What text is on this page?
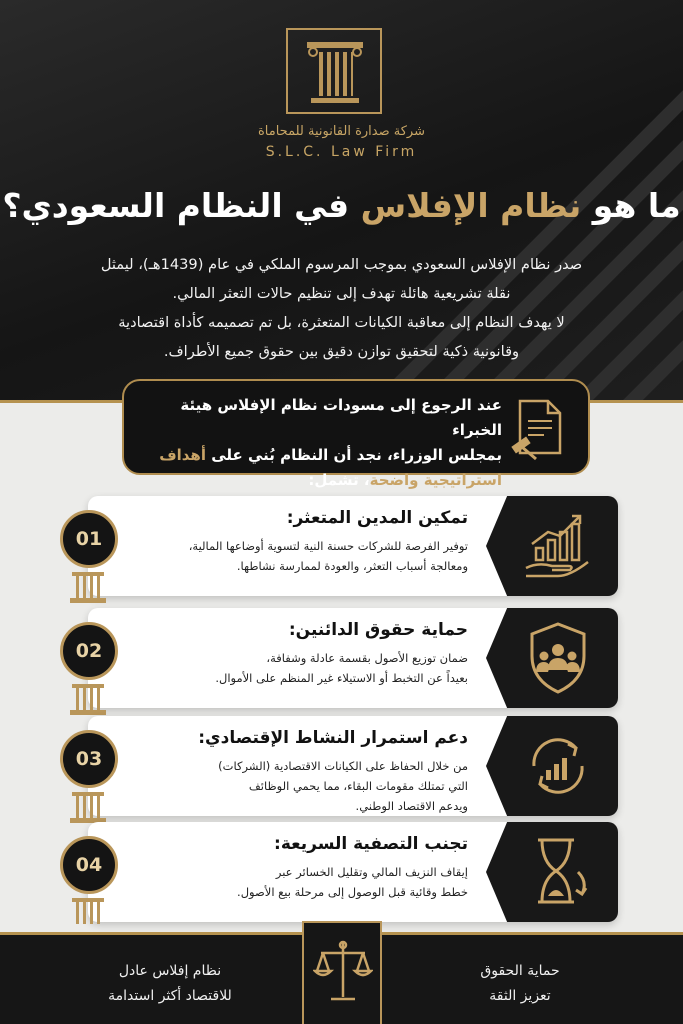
شركة صدارة القانونية للمحاماة
S.L.C. Law Firm
ما هو نظام الإفلاس في النظام السعودي؟
صدر نظام الإفلاس السعودي بموجب المرسوم الملكي في عام (1439هـ)، ليمثل
نقلة تشريعية هائلة تهدف إلى تنظيم حالات التعثر المالي.
لا يهدف النظام إلى معاقبة الكيانات المتعثرة، بل تم تصميمه كأداة اقتصادية
وقانونية ذكية لتحقيق توازن دقيق بين حقوق جميع الأطراف.
عند الرجوع إلى مسودات نظام الإفلاس هيئة الخبراء
بمجلس الوزراء، نجد أن النظام بُني على أهداف
استراتيجية واضحة، تشمل:
تمكين المدين المتعثر:
توفير الفرصة للشركات حسنة النية لتسوية أوضاعها المالية،
ومعالجة أسباب التعثر، والعودة لممارسة نشاطها.
01
حماية حقوق الدائنين:
ضمان توزيع الأصول بقسمة عادلة وشفافة،
بعيداً عن التخبط أو الاستيلاء غير المنظم على الأموال.
02
دعم استمرار النشاط الإقتصادي:
من خلال الحفاظ على الكيانات الاقتصادية (الشركات)
التي تمتلك مقومات البقاء، مما يحمي الوظائف
ويدعم الاقتصاد الوطني.
03
تجنب التصفية السريعة:
إيقاف النزيف المالي وتقليل الخسائر عبر
خطط وقائية قبل الوصول إلى مرحلة بيع الأصول.
04
نظام إفلاس عادل
للاقتصاد أكثر استدامة
حماية الحقوق
تعزيز الثقة
